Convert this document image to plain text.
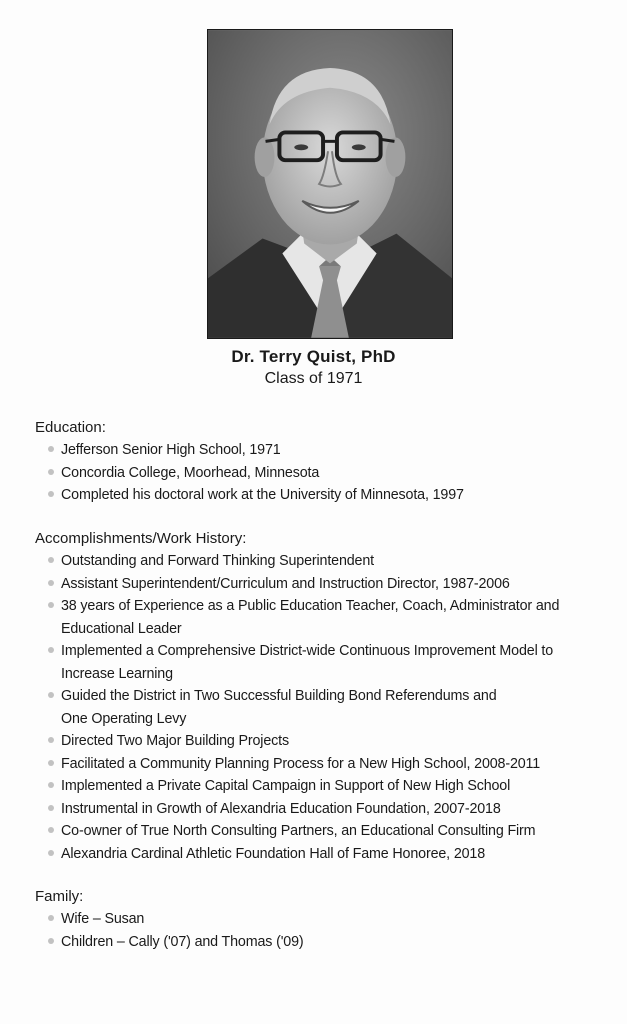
Dr. Terry Quist, PhD
Class of 1971
Education:
Jefferson Senior High School, 1971
Concordia College, Moorhead, Minnesota
Completed his doctoral work at the University of Minnesota, 1997
Accomplishments/Work History:
Outstanding and Forward Thinking Superintendent
Assistant Superintendent/Curriculum and Instruction Director, 1987-2006
38 years of Experience as a Public Education Teacher, Coach, Administrator and
Educational Leader
Implemented a Comprehensive District-wide Continuous Improvement Model to
Increase Learning
Guided the District in Two Successful Building Bond Referendums and
One Operating Levy
Directed Two Major Building Projects
Facilitated a Community Planning Process for a New High School, 2008-2011
Implemented a Private Capital Campaign in Support of New High School
Instrumental in Growth of Alexandria Education Foundation, 2007-2018
Co-owner of True North Consulting Partners, an Educational Consulting Firm
Alexandria Cardinal Athletic Foundation Hall of Fame Honoree, 2018
Family:
Wife – Susan
Children – Cally ('07) and Thomas ('09)
